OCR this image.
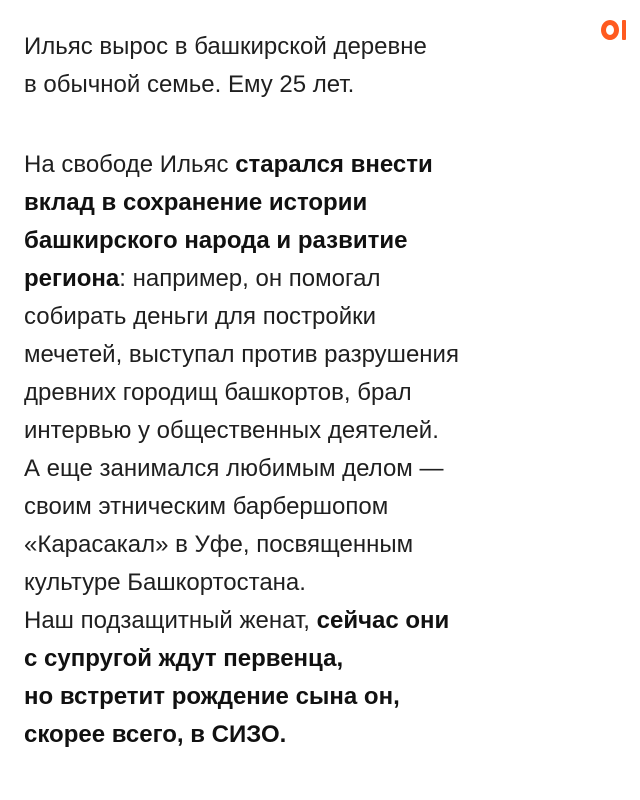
Ильяс вырос в башкирской деревне
в обычной семье. Ему 25 лет.

На свободе Ильяс старался внести
вклад в сохранение истории
башкирского народа и развитие
региона: например, он помогал
собирать деньги для постройки
мечетей, выступал против разрушения
древних городищ башкортов, брал
интервью у общественных деятелей.
А еще занимался любимым делом —
своим этническим барбершопом
«Карасакал» в Уфе, посвященным
культуре Башкортостана.
Наш подзащитный женат, сейчас они
с супругой ждут первенца,
но встретит рождение сына он,
скорее всего, в СИЗО.
